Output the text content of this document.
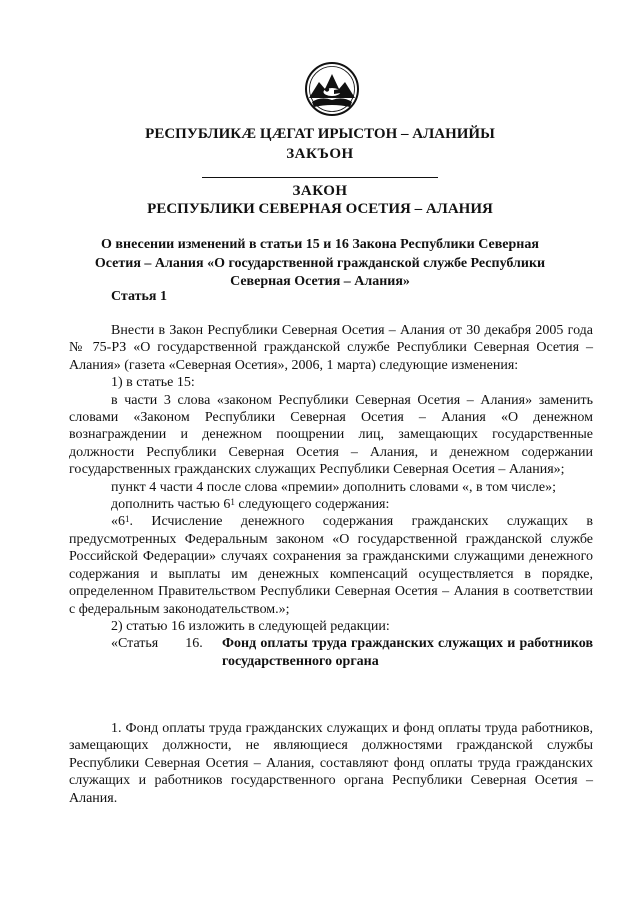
РЕСПУБЛИКÆ ЦÆГАТ ИРЫСТОН – АЛАНИЙЫ
ЗАКЪОН
ЗАКОН
РЕСПУБЛИКИ СЕВЕРНАЯ ОСЕТИЯ – АЛАНИЯ

О внесении изменений в статьи 15 и 16 Закона Республики Северная
Осетия – Алания «О государственной гражданской службе Республики
Северная Осетия – Алания»

Статья 1

Внести в Закон Республики Северная Осетия – Алания от 30 декабря 2005 года № 75-РЗ «О государственной гражданской службе Республики Северная Осетия – Алания» (газета «Северная Осетия», 2006, 1 марта) следующие изменения:

1) в статье 15:

в части 3 слова «законом Республики Северная Осетия – Алания» заменить словами «Законом Республики Северная Осетия – Алания «О денежном вознаграждении и денежном поощрении лиц, замещающих государственные должности Республики Северная Осетия – Алания, и денежном содержании государственных гражданских служащих Республики Северная Осетия – Алания»;

пункт 4 части 4 после слова «премии» дополнить словами «, в том числе»;

дополнить частью $6^1$ следующего содержания:

«$6^1$. Исчисление денежного содержания гражданских служащих в предусмотренных Федеральным законом «О государственной гражданской службе Российской Федерации» случаях сохранения за гражданскими служащими денежного содержания и выплаты им денежных компенсаций осуществляется в порядке, определенном Правительством Республики Северная Осетия – Алания в соответствии с федеральным законодательством.»;

2) статью 16 изложить в следующей редакции:

«Статья 16.	Фонд оплаты труда гражданских служащих и работников государственного органа

1. Фонд оплаты труда гражданских служащих и фонд оплаты труда работников, замещающих должности, не являющиеся должностями гражданской службы Республики Северная Осетия – Алания, составляют фонд оплаты труда гражданских служащих и работников государственного органа Республики Северная Осетия – Алания.
